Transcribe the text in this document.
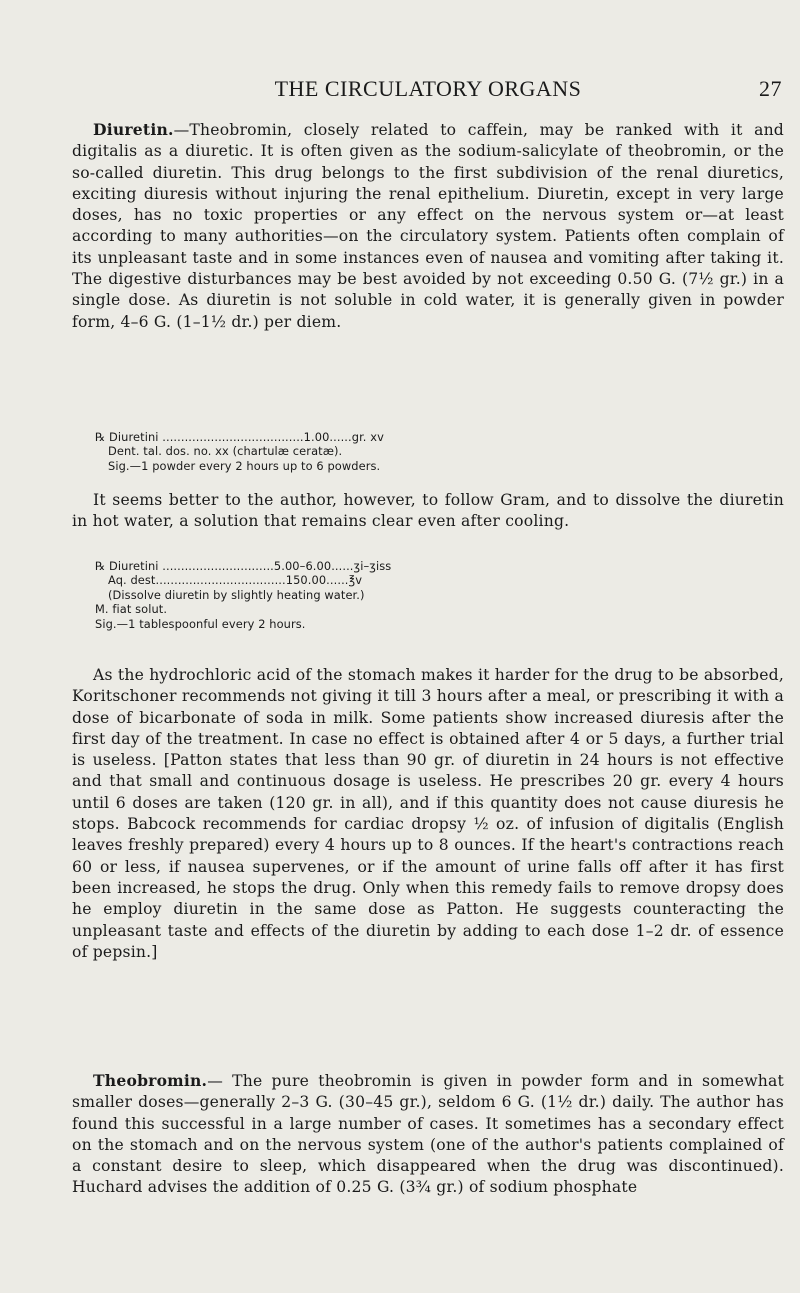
THE CIRCULATORY ORGANS	27

Diuretin.—Theobromin, closely related to caffein, may be ranked with it and digitalis as a diuretic. It is often given as the sodium-salicylate of theobromin, or the so-called diuretin. This drug belongs to the first subdivision of the renal diuretics, exciting diuresis without injuring the renal epithelium. Diuretin, except in very large doses, has no toxic properties or any effect on the nervous system or—at least according to many authorities—on the circulatory system. Patients often complain of its unpleasant taste and in some instances even of nausea and vomiting after taking it. The digestive disturbances may be best avoided by not exceeding 0.50 G. (7½ gr.) in a single dose. As diuretin is not soluble in cold water, it is generally given in powder form, 4–6 G. (1–1½ dr.) per diem.

℞ Diuretini ......................................1.00......gr. xv
Dent. tal. dos. no. xx (chartulæ ceratæ).
Sig.—1 powder every 2 hours up to 6 powders.

It seems better to the author, however, to follow Gram, and to dissolve the diuretin in hot water, a solution that remains clear even after cooling.

℞ Diuretini ..............................5.00–6.00......ʒi–ʒiss
Aq. dest...................................150.00......℥v
(Dissolve diuretin by slightly heating water.)
M. fiat solut.
Sig.—1 tablespoonful every 2 hours.

As the hydrochloric acid of the stomach makes it harder for the drug to be absorbed, Koritschoner recommends not giving it till 3 hours after a meal, or prescribing it with a dose of bicarbonate of soda in milk. Some patients show increased diuresis after the first day of the treatment. In case no effect is obtained after 4 or 5 days, a further trial is useless. [Patton states that less than 90 gr. of diuretin in 24 hours is not effective and that small and continuous dosage is useless. He prescribes 20 gr. every 4 hours until 6 doses are taken (120 gr. in all), and if this quantity does not cause diuresis he stops. Babcock recommends for cardiac dropsy ½ oz. of infusion of digitalis (English leaves freshly prepared) every 4 hours up to 8 ounces. If the heart's contractions reach 60 or less, if nausea supervenes, or if the amount of urine falls off after it has first been increased, he stops the drug. Only when this remedy fails to remove dropsy does he employ diuretin in the same dose as Patton. He suggests counteracting the unpleasant taste and effects of the diuretin by adding to each dose 1–2 dr. of essence of pepsin.]

Theobromin.— The pure theobromin is given in powder form and in somewhat smaller doses—generally 2–3 G. (30–45 gr.), seldom 6 G. (1½ dr.) daily. The author has found this successful in a large number of cases. It sometimes has a secondary effect on the stomach and on the nervous system (one of the author's patients complained of a constant desire to sleep, which disappeared when the drug was discontinued). Huchard advises the addition of 0.25 G. (3¾ gr.) of sodium phosphate
